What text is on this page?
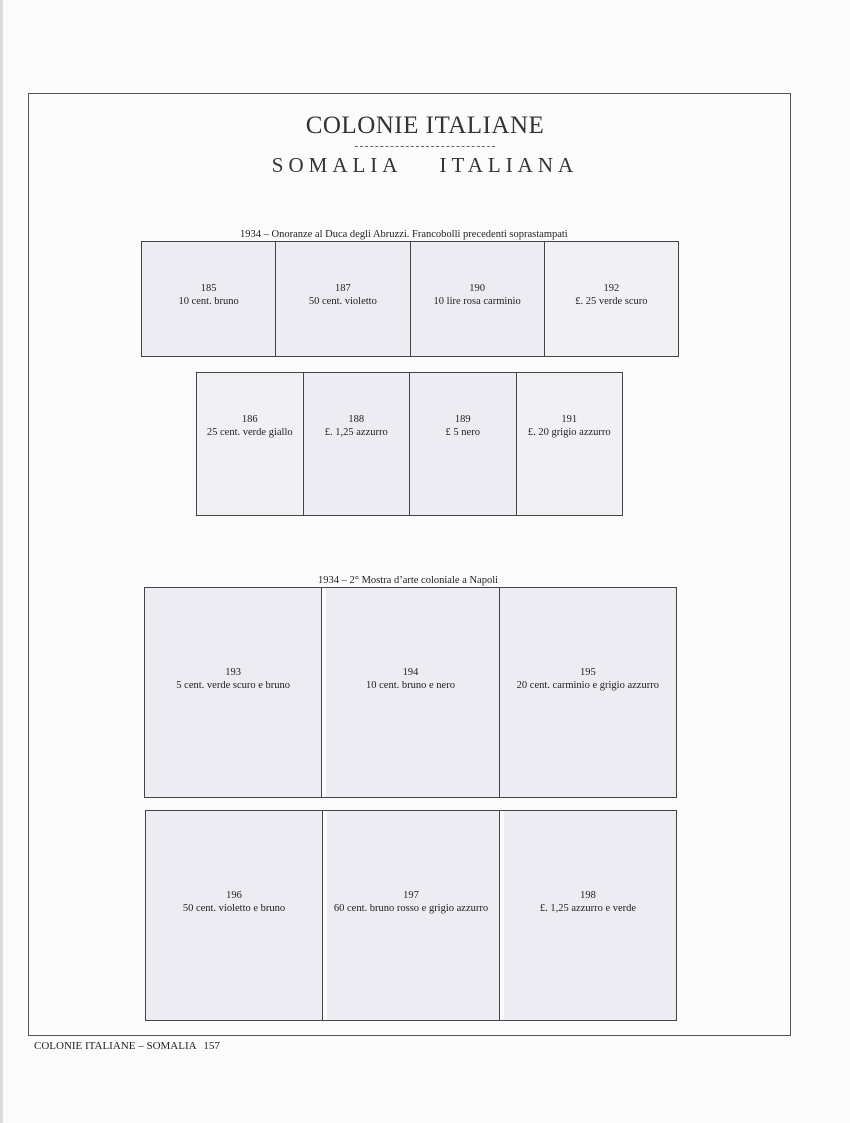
COLONIE ITALIANE
SOMALIA ITALIANA
1934 – Onoranze al Duca degli Abruzzi. Francobolli precedenti soprastampati
185
10 cent. bruno
187
50 cent. violetto
190
10 lire rosa carminio
192
£. 25 verde scuro
186
25 cent. verde giallo
188
£. 1,25 azzurro
189
£ 5 nero
191
£. 20 grigio azzurro
1934 – 2° Mostra d’arte coloniale a Napoli
193
5 cent. verde scuro e bruno
194
10 cent. bruno e nero
195
20 cent. carminio e grigio azzurro
196
50 cent. violetto e bruno
197
60 cent. bruno rosso e grigio azzurro
198
£. 1,25 azzurro e verde
COLONIE ITALIANE – SOMALIA 157
